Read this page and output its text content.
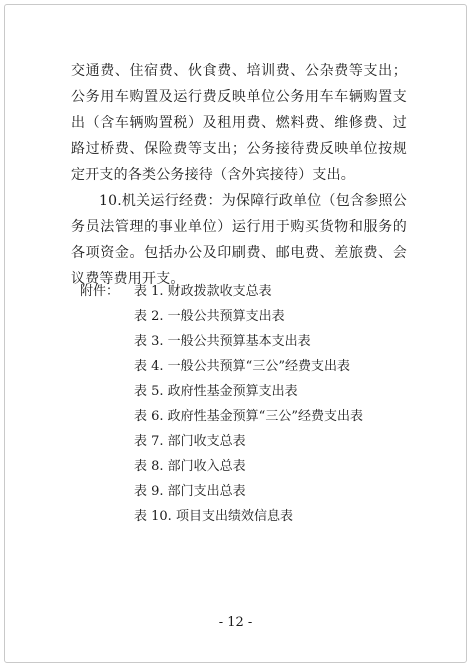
交通费、住宿费、伙食费、培训费、公杂费等支出；公务用车购置及运行费反映单位公务用车车辆购置支出（含车辆购置税）及租用费、燃料费、维修费、过路过桥费、保险费等支出；公务接待费反映单位按规定开支的各类公务接待（含外宾接待）支出。

10.机关运行经费：为保障行政单位（包含参照公务员法管理的事业单位）运行用于购买货物和服务的各项资金。包括办公及印刷费、邮电费、差旅费、会议费等费用开支。

附件：	表 1. 财政拨款收支总表
表 2. 一般公共预算支出表
表 3. 一般公共预算基本支出表
表 4. 一般公共预算“三公”经费支出表
表 5. 政府性基金预算支出表
表 6. 政府性基金预算“三公”经费支出表
表 7. 部门收支总表
表 8. 部门收入总表
表 9. 部门支出总表
表 10. 项目支出绩效信息表
- 12 -
